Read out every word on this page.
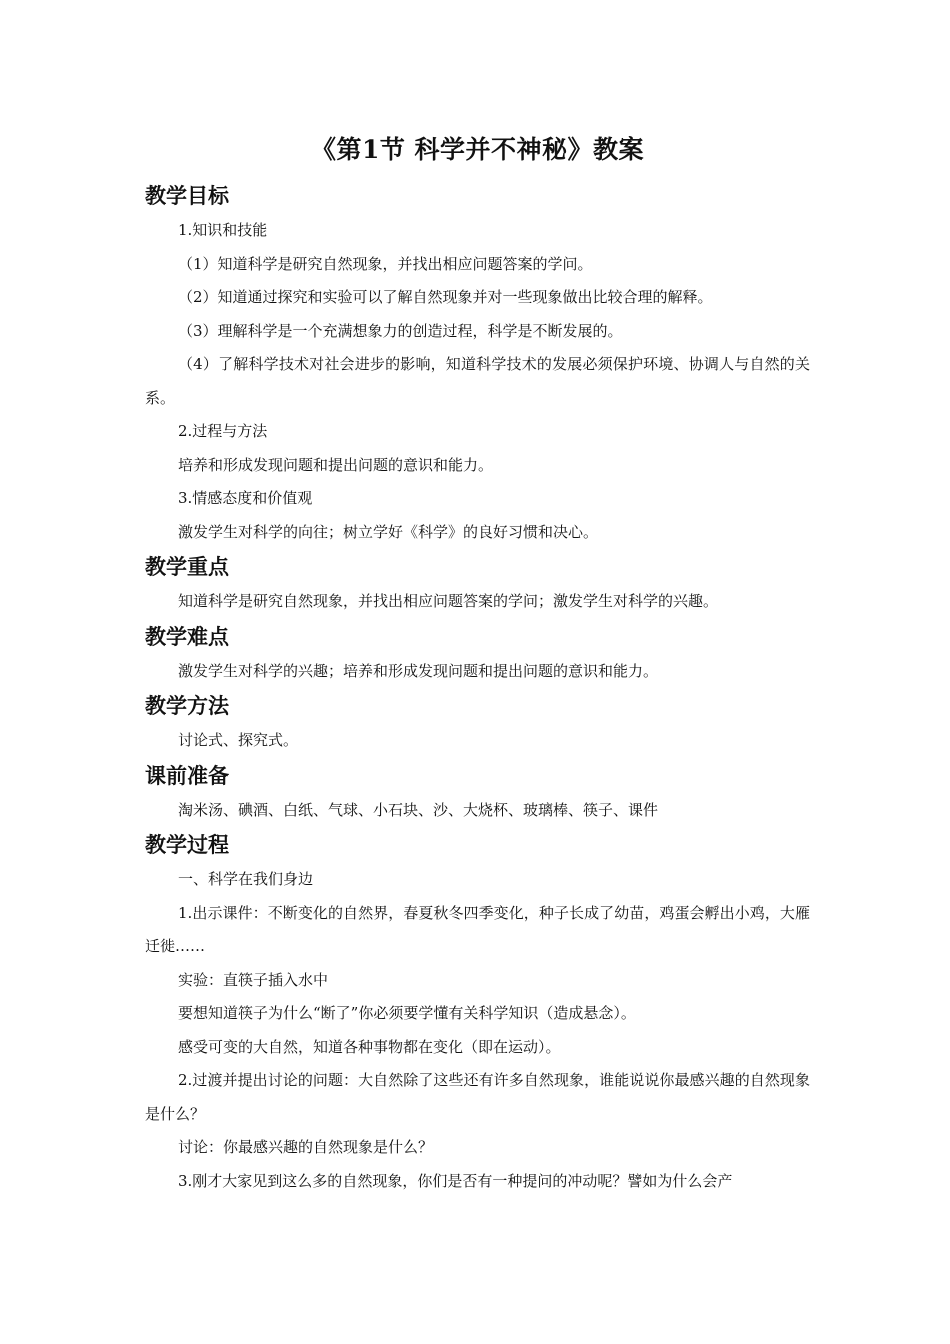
《第1节 科学并不神秘》教案
教学目标

1.知识和技能

（1）知道科学是研究自然现象，并找出相应问题答案的学问。

（2）知道通过探究和实验可以了解自然现象并对一些现象做出比较合理的解释。

（3）理解科学是一个充满想象力的创造过程，科学是不断发展的。

（4）了解科学技术对社会进步的影响，知道科学技术的发展必须保护环境、协调人与自然的关系。

2.过程与方法

培养和形成发现问题和提出问题的意识和能力。

3.情感态度和价值观

激发学生对科学的向往；树立学好《科学》的良好习惯和决心。

教学重点

知道科学是研究自然现象，并找出相应问题答案的学问；激发学生对科学的兴趣。

教学难点

激发学生对科学的兴趣；培养和形成发现问题和提出问题的意识和能力。

教学方法

讨论式、探究式。

课前准备

淘米汤、碘酒、白纸、气球、小石块、沙、大烧杯、玻璃棒、筷子、课件

教学过程

一、科学在我们身边

1.出示课件：不断变化的自然界，春夏秋冬四季变化，种子长成了幼苗，鸡蛋会孵出小鸡，大雁迁徙……

实验：直筷子插入水中

要想知道筷子为什么“断了”你必须要学懂有关科学知识（造成悬念）。

感受可变的大自然，知道各种事物都在变化（即在运动）。

2.过渡并提出讨论的问题：大自然除了这些还有许多自然现象，谁能说说你最感兴趣的自然现象是什么？

讨论：你最感兴趣的自然现象是什么？

3.刚才大家见到这么多的自然现象，你们是否有一种提问的冲动呢？譬如为什么会产
